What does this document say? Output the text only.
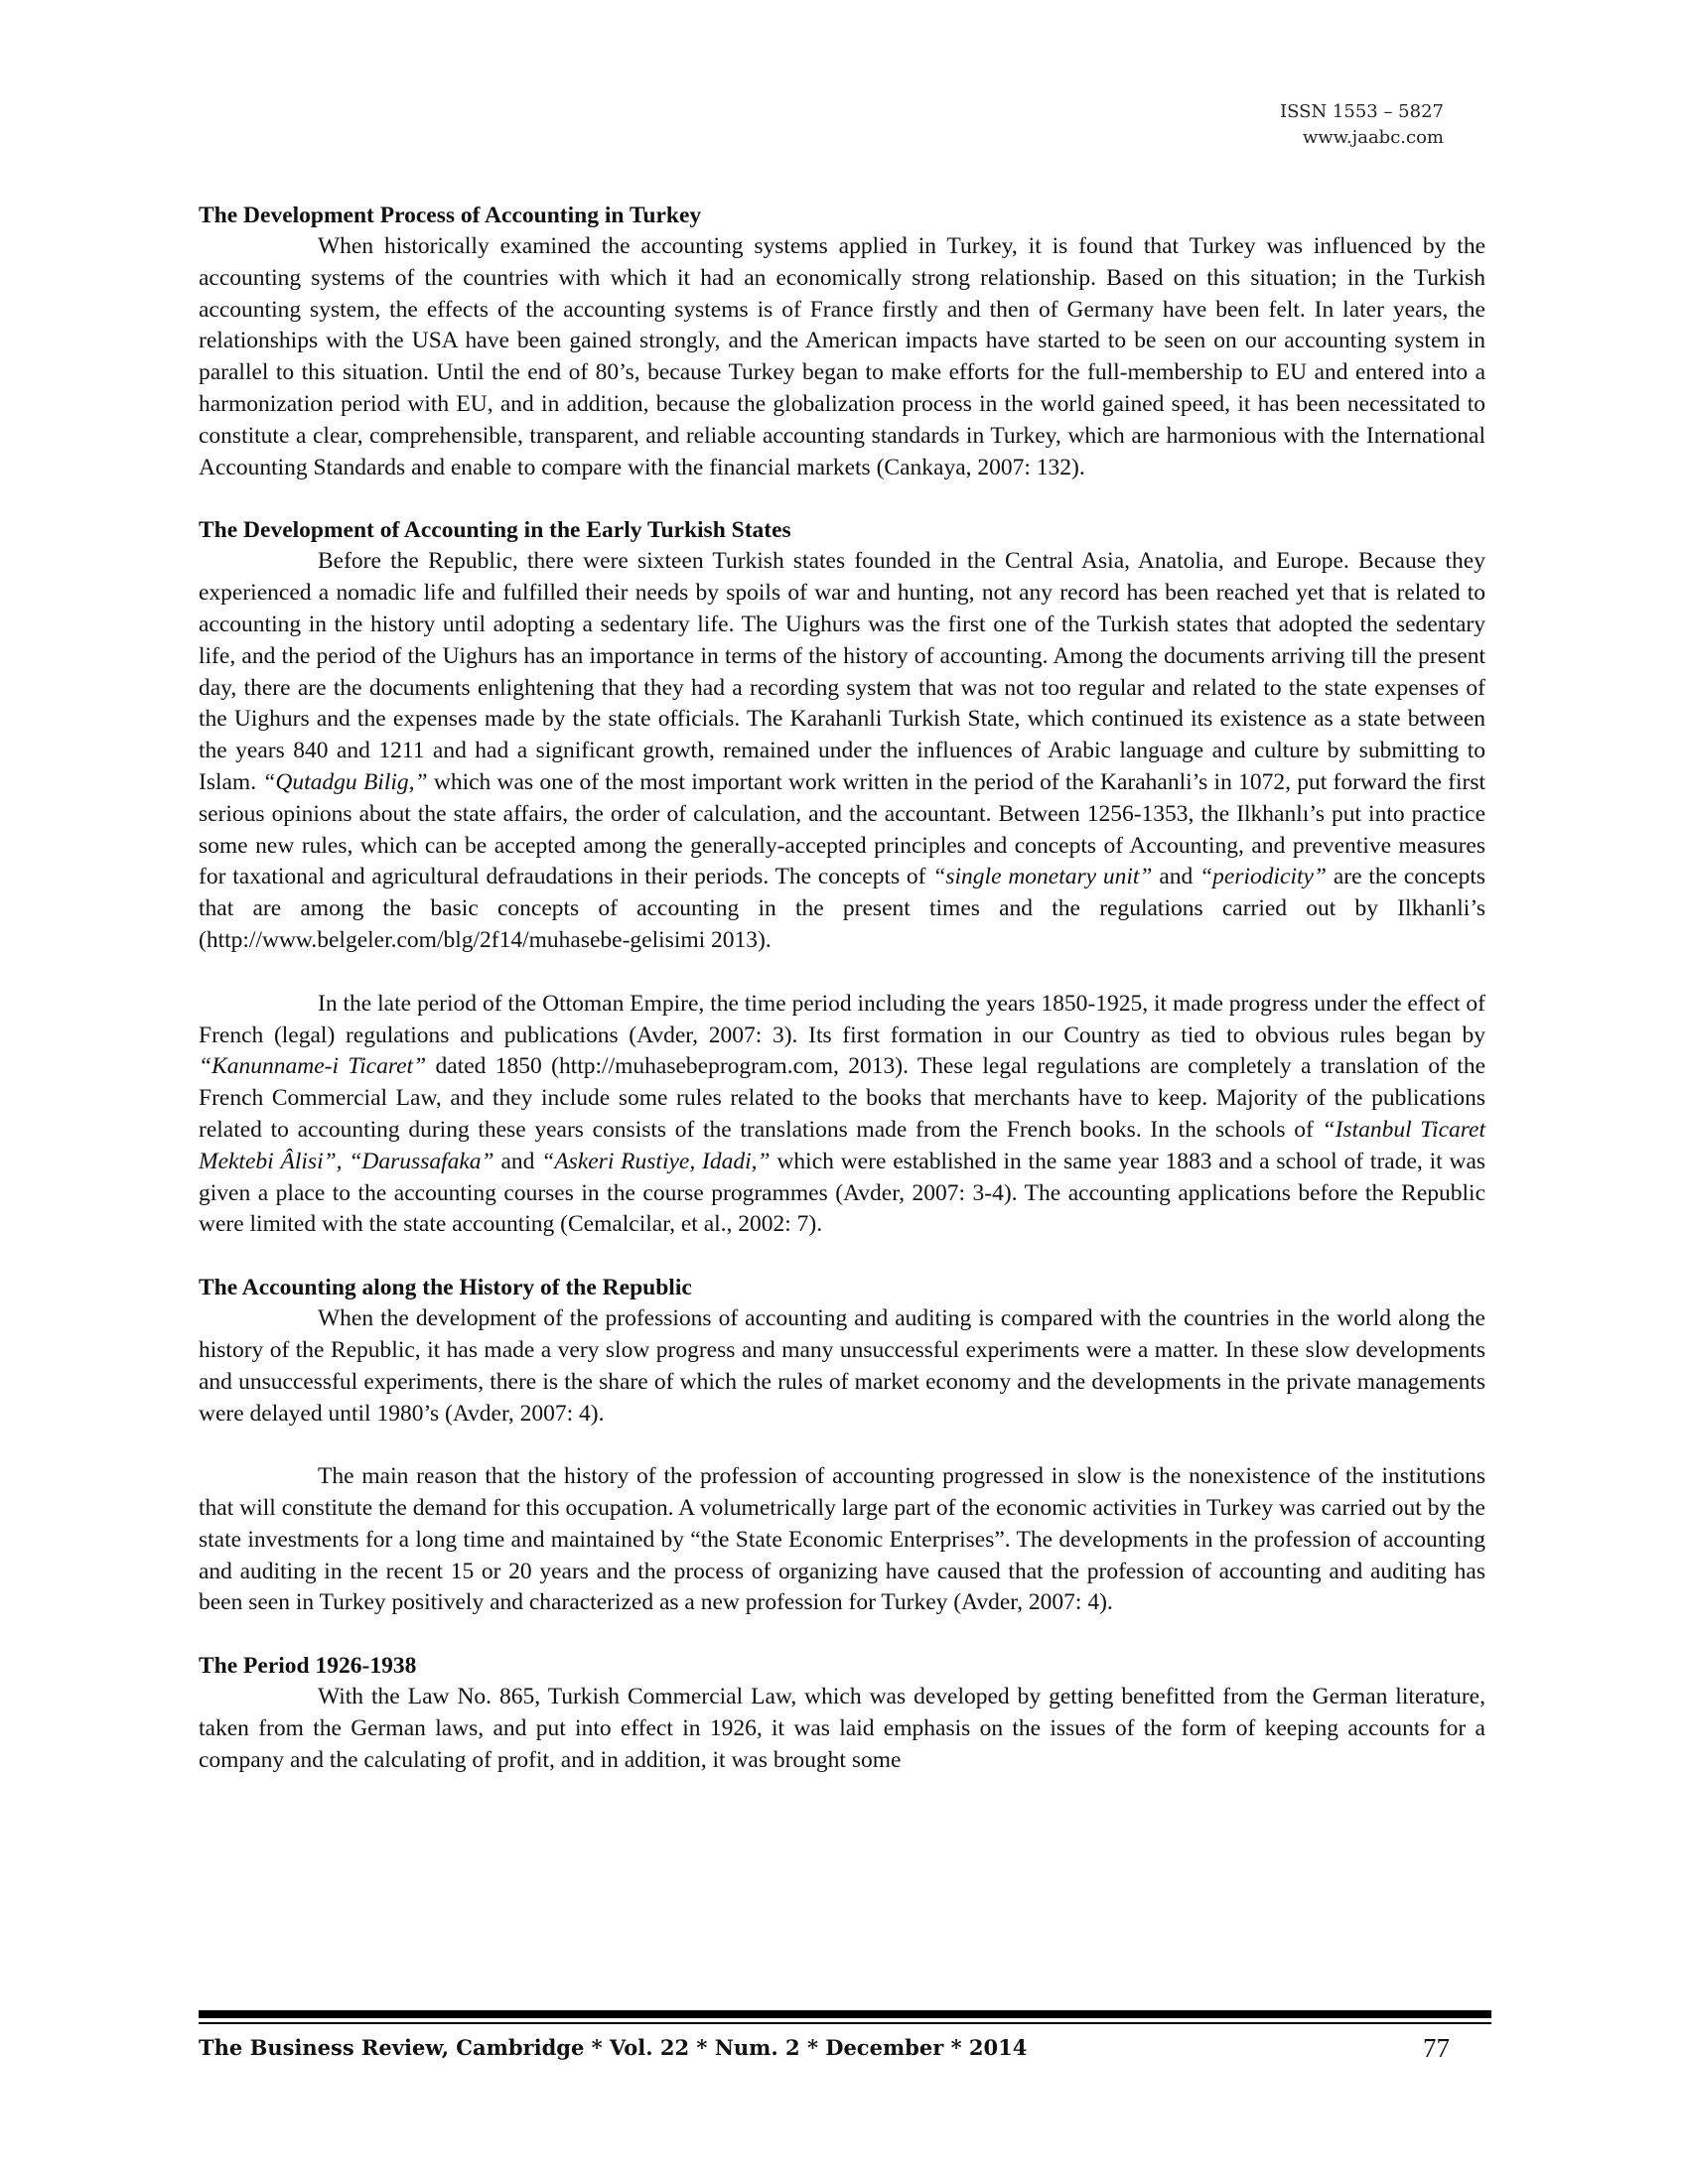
ISSN 1553 – 5827
www.jaabc.com
The Development Process of Accounting in Turkey

When historically examined the accounting systems applied in Turkey, it is found that Turkey was influenced by the accounting systems of the countries with which it had an economically strong relationship. Based on this situation; in the Turkish accounting system, the effects of the accounting systems is of France firstly and then of Germany have been felt. In later years, the relationships with the USA have been gained strongly, and the American impacts have started to be seen on our accounting system in parallel to this situation. Until the end of 80’s, because Turkey began to make efforts for the full-membership to EU and entered into a harmonization period with EU, and in addition, because the globalization process in the world gained speed, it has been necessitated to constitute a clear, comprehensible, transparent, and reliable accounting standards in Turkey, which are harmonious with the International Accounting Standards and enable to compare with the financial markets (Cankaya, 2007: 132).

The Development of Accounting in the Early Turkish States

Before the Republic, there were sixteen Turkish states founded in the Central Asia, Anatolia, and Europe. Because they experienced a nomadic life and fulfilled their needs by spoils of war and hunting, not any record has been reached yet that is related to accounting in the history until adopting a sedentary life. The Uighurs was the first one of the Turkish states that adopted the sedentary life, and the period of the Uighurs has an importance in terms of the history of accounting. Among the documents arriving till the present day, there are the documents enlightening that they had a recording system that was not too regular and related to the state expenses of the Uighurs and the expenses made by the state officials. The Karahanli Turkish State, which continued its existence as a state between the years 840 and 1211 and had a significant growth, remained under the influences of Arabic language and culture by submitting to Islam. “Qutadgu Bilig,” which was one of the most important work written in the period of the Karahanli’s in 1072, put forward the first serious opinions about the state affairs, the order of calculation, and the accountant. Between 1256-1353, the Ilkhanlı’s put into practice some new rules, which can be accepted among the generally-accepted principles and concepts of Accounting, and preventive measures for taxational and agricultural defraudations in their periods. The concepts of “single monetary unit” and “periodicity” are the concepts that are among the basic concepts of accounting in the present times and the regulations carried out by Ilkhanli’s (http://www.belgeler.com/blg/2f14/muhasebe-gelisimi 2013).

In the late period of the Ottoman Empire, the time period including the years 1850-1925, it made progress under the effect of French (legal) regulations and publications (Avder, 2007: 3). Its first formation in our Country as tied to obvious rules began by “Kanunname-i Ticaret” dated 1850 (http://muhasebeprogram.com, 2013). These legal regulations are completely a translation of the French Commercial Law, and they include some rules related to the books that merchants have to keep. Majority of the publications related to accounting during these years consists of the translations made from the French books. In the schools of “Istanbul Ticaret Mektebi Âlisi”, “Darussafaka” and “Askeri Rustiye, Idadi,” which were established in the same year 1883 and a school of trade, it was given a place to the accounting courses in the course programmes (Avder, 2007: 3-4). The accounting applications before the Republic were limited with the state accounting (Cemalcilar, et al., 2002: 7).

The Accounting along the History of the Republic

When the development of the professions of accounting and auditing is compared with the countries in the world along the history of the Republic, it has made a very slow progress and many unsuccessful experiments were a matter. In these slow developments and unsuccessful experiments, there is the share of which the rules of market economy and the developments in the private managements were delayed until 1980’s (Avder, 2007: 4).

The main reason that the history of the profession of accounting progressed in slow is the nonexistence of the institutions that will constitute the demand for this occupation. A volumetrically large part of the economic activities in Turkey was carried out by the state investments for a long time and maintained by “the State Economic Enterprises”. The developments in the profession of accounting and auditing in the recent 15 or 20 years and the process of organizing have caused that the profession of accounting and auditing has been seen in Turkey positively and characterized as a new profession for Turkey (Avder, 2007: 4).

The Period 1926-1938

With the Law No. 865, Turkish Commercial Law, which was developed by getting benefitted from the German literature, taken from the German laws, and put into effect in 1926, it was laid emphasis on the issues of the form of keeping accounts for a company and the calculating of profit, and in addition, it was brought some

The Business Review, Cambridge * Vol. 22 * Num. 2 * December * 2014	77
